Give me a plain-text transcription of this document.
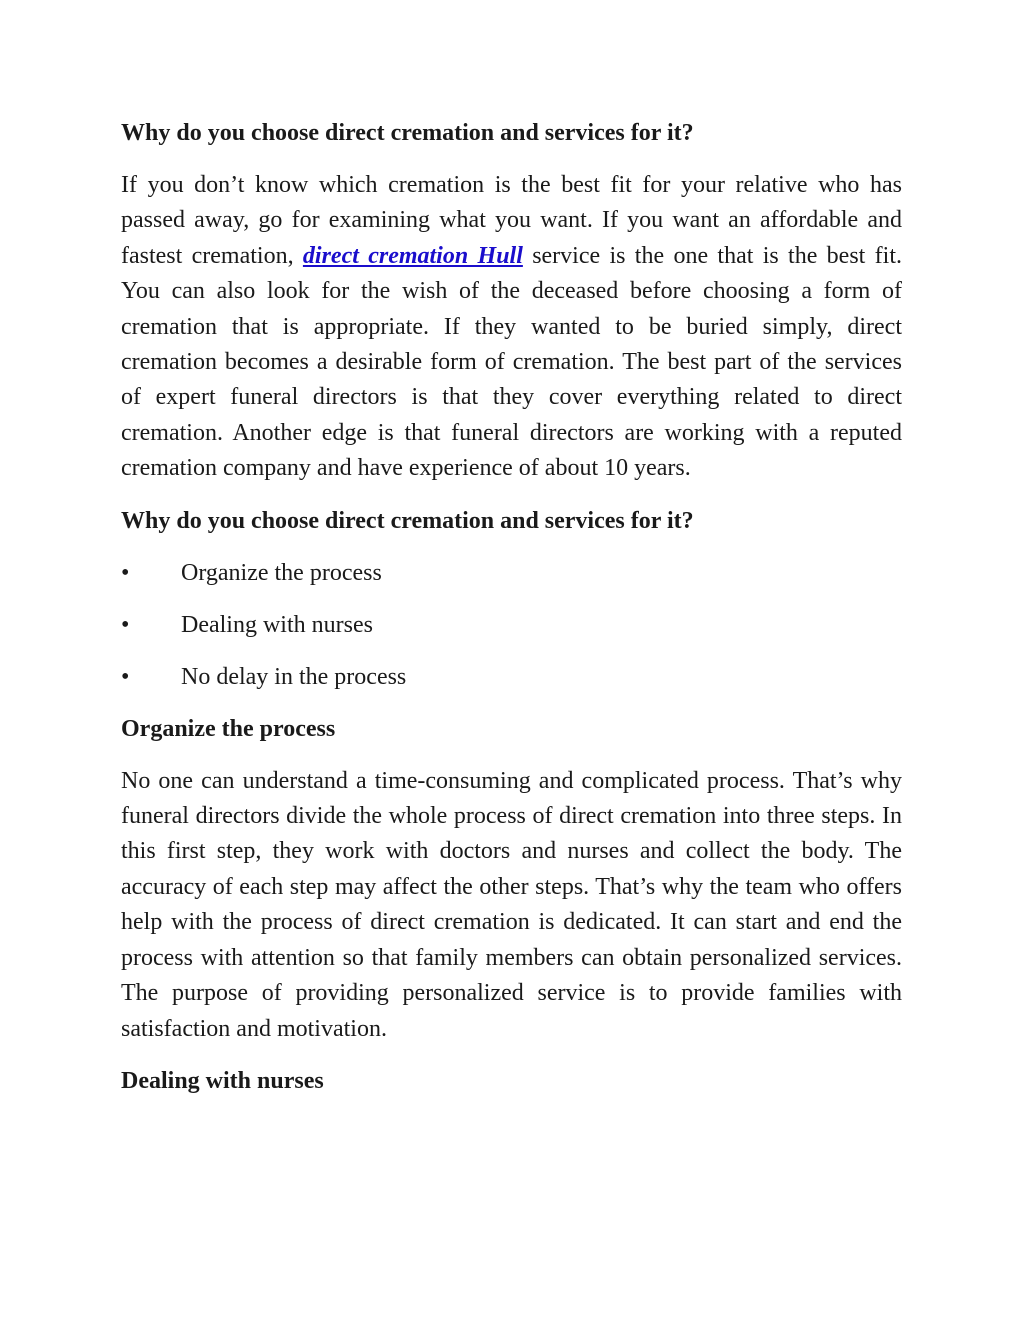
Why do you choose direct cremation and services for it?

If you don’t know which cremation is the best fit for your relative who has passed away, go for examining what you want. If you want an affordable and fastest cremation, direct cremation Hull service is the one that is the best fit. You can also look for the wish of the deceased before choosing a form of cremation that is appropriate. If they wanted to be buried simply, direct cremation becomes a desirable form of cremation. The best part of the services of expert funeral directors is that they cover everything related to direct cremation. Another edge is that funeral directors are working with a reputed cremation company and have experience of about 10 years.

Why do you choose direct cremation and services for it?

•	Organize the process
•	Dealing with nurses
•	No delay in the process

Organize the process

No one can understand a time-consuming and complicated process. That’s why funeral directors divide the whole process of direct cremation into three steps. In this first step, they work with doctors and nurses and collect the body. The accuracy of each step may affect the other steps. That’s why the team who offers help with the process of direct cremation is dedicated. It can start and end the process with attention so that family members can obtain personalized services. The purpose of providing personalized service is to provide families with satisfaction and motivation.

Dealing with nurses
